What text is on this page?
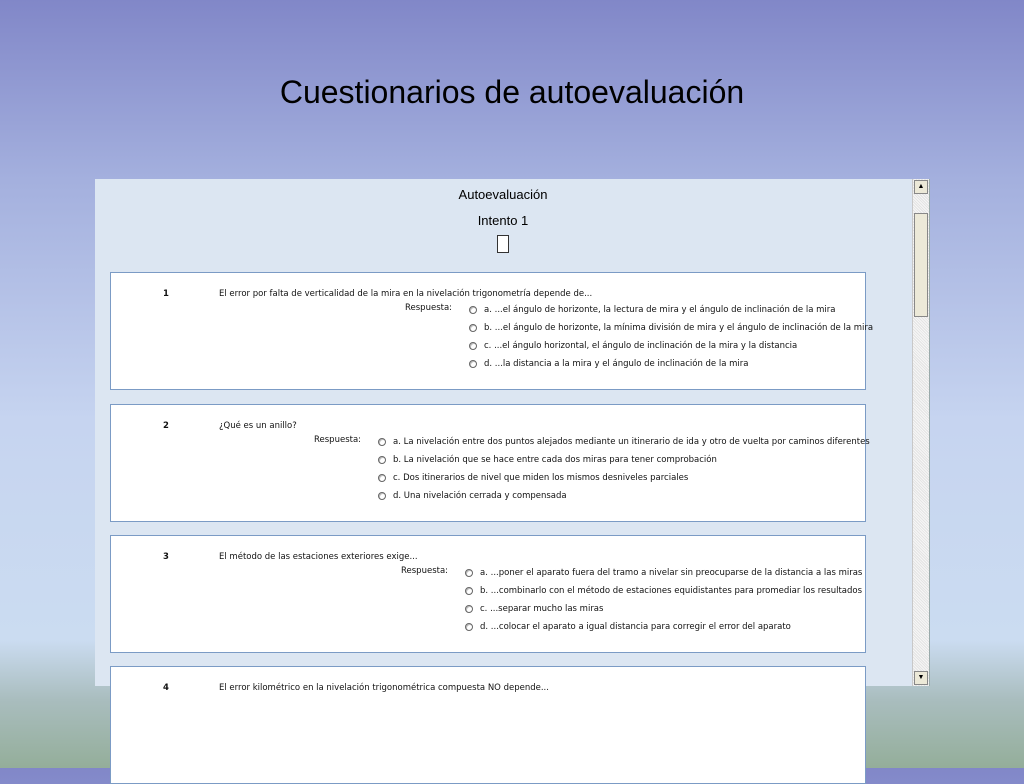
Cuestionarios de autoevaluación
Autoevaluación
Intento 1
1	El error por falta de verticalidad de la mira en la nivelación trigonometría depende de...
Respuesta:	a. ...el ángulo de horizonte, la lectura de mira y el ángulo de inclinación de la mira
b. ...el ángulo de horizonte, la mínima división de mira y el ángulo de inclinación de la mira
c. ...el ángulo horizontal, el ángulo de inclinación de la mira y la distancia
d. ...la distancia a la mira y el ángulo de inclinación de la mira
2	¿Qué es un anillo?
Respuesta:	a. La nivelación entre dos puntos alejados mediante un itinerario de ida y otro de vuelta por caminos diferentes
b. La nivelación que se hace entre cada dos miras para tener comprobación
c. Dos itinerarios de nivel que miden los mismos desniveles parciales
d. Una nivelación cerrada y compensada
3	El método de las estaciones exteriores exige...
Respuesta:	a. ...poner el aparato fuera del tramo a nivelar sin preocuparse de la distancia a las miras
b. ...combinarlo con el método de estaciones equidistantes para promediar los resultados
c. ...separar mucho las miras
d. ...colocar el aparato a igual distancia para corregir el error del aparato
4	El error kilométrico en la nivelación trigonométrica compuesta NO depende...
▲
▼
